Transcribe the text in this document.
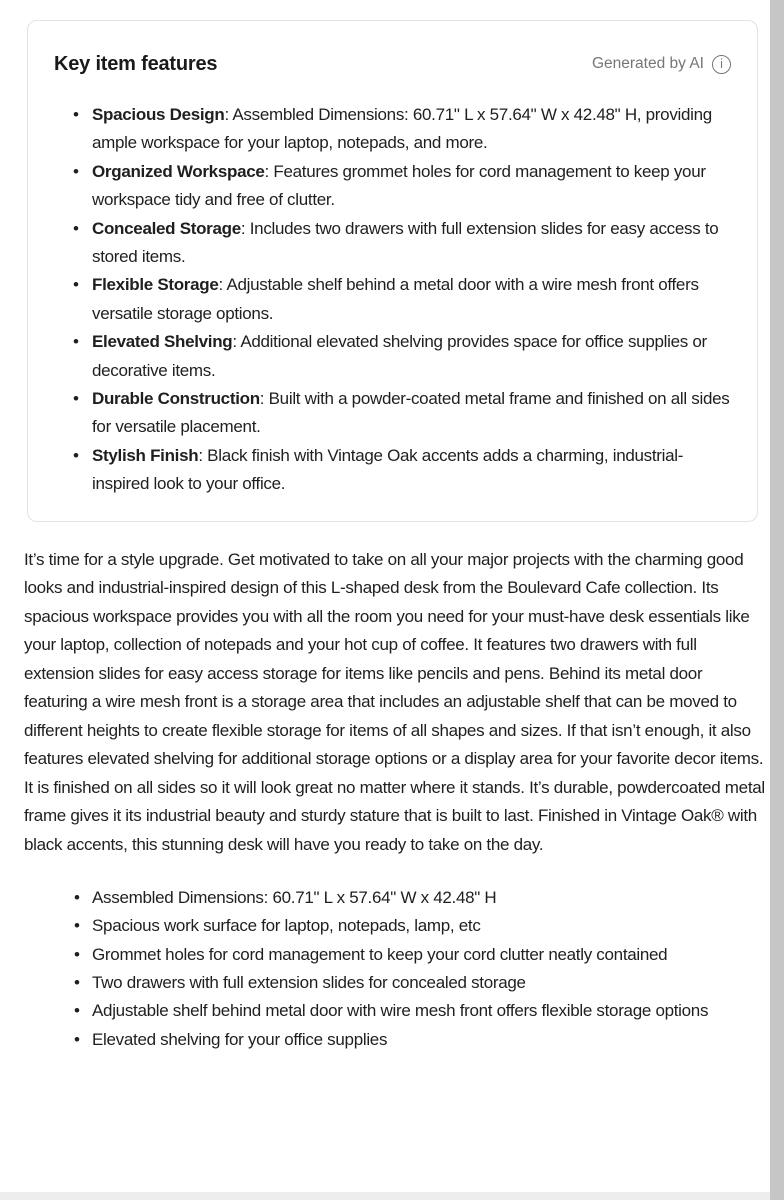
Key item features	Generated by AI	i
• Spacious Design: Assembled Dimensions: 60.71" L x 57.64" W x 42.48" H, providing ample workspace for your laptop, notepads, and more.
• Organized Workspace: Features grommet holes for cord management to keep your workspace tidy and free of clutter.
• Concealed Storage: Includes two drawers with full extension slides for easy access to stored items.
• Flexible Storage: Adjustable shelf behind a metal door with a wire mesh front offers versatile storage options.
• Elevated Shelving: Additional elevated shelving provides space for office supplies or decorative items.
• Durable Construction: Built with a powder-coated metal frame and finished on all sides for versatile placement.
• Stylish Finish: Black finish with Vintage Oak accents adds a charming, industrial-inspired look to your office.

It’s time for a style upgrade. Get motivated to take on all your major projects with the charming good looks and industrial-inspired design of this L-shaped desk from the Boulevard Cafe collection. Its spacious workspace provides you with all the room you need for your must-have desk essentials like your laptop, collection of notepads and your hot cup of coffee. It features two drawers with full extension slides for easy access storage for items like pencils and pens. Behind its metal door featuring a wire mesh front is a storage area that includes an adjustable shelf that can be moved to different heights to create flexible storage for items of all shapes and sizes. If that isn’t enough, it also features elevated shelving for additional storage options or a display area for your favorite decor items. It is finished on all sides so it will look great no matter where it stands. It’s durable, powdercoated metal frame gives it its industrial beauty and sturdy stature that is built to last. Finished in Vintage Oak® with black accents, this stunning desk will have you ready to take on the day.

• Assembled Dimensions: 60.71" L x 57.64" W x 42.48" H
• Spacious work surface for laptop, notepads, lamp, etc
• Grommet holes for cord management to keep your cord clutter neatly contained
• Two drawers with full extension slides for concealed storage
• Adjustable shelf behind metal door with wire mesh front offers flexible storage options
• Elevated shelving for your office supplies
